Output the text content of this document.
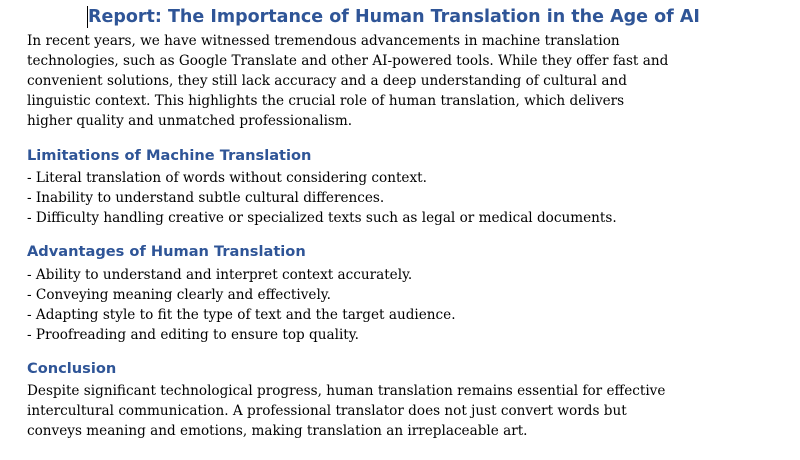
Report: The Importance of Human Translation in the Age of AI

In recent years, we have witnessed tremendous advancements in machine translation
technologies, such as Google Translate and other AI-powered tools. While they offer fast and
convenient solutions, they still lack accuracy and a deep understanding of cultural and
linguistic context. This highlights the crucial role of human translation, which delivers
higher quality and unmatched professionalism.

Limitations of Machine Translation
- Literal translation of words without considering context.
- Inability to understand subtle cultural differences.
- Difficulty handling creative or specialized texts such as legal or medical documents.
Advantages of Human Translation
- Ability to understand and interpret context accurately.
- Conveying meaning clearly and effectively.
- Adapting style to fit the type of text and the target audience.
- Proofreading and editing to ensure top quality.
Conclusion

Despite significant technological progress, human translation remains essential for effective
intercultural communication. A professional translator does not just convert words but
conveys meaning and emotions, making translation an irreplaceable art.
